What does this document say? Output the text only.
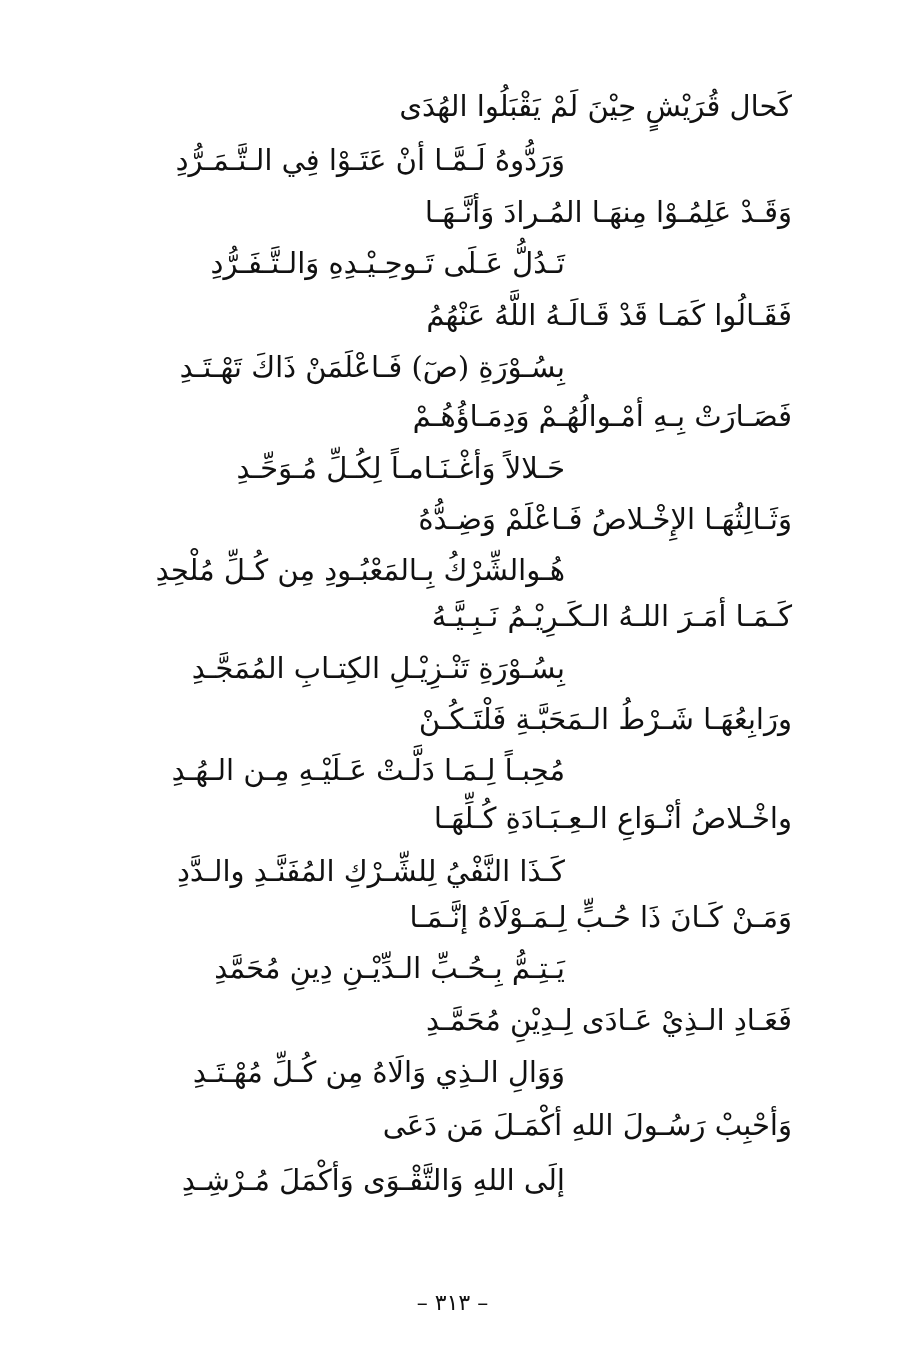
كَحال قُرَيْشٍ حِيْنَ لَمْ يَقْبَلُوا الهُدَى
وَرَدُّوهُ لَـمَّـا أنْ عَتَـوْا فِي الـتَّـمَـرُّدِ
وَقَـدْ عَلِمُـوْا مِنهَـا المُـرادَ وَأنَّـهَـا
تَـدُلُّ عَـلَى تَـوحِـيْـدِهِ وَالـتَّـفَـرُّدِ
فَقَـالُوا كَمَـا قَدْ قَـالَـهُ اللَّهُ عَنْهُمُ
بِسُـوْرَةِ (صٓ) فَـاعْلَمَنْ ذَاكَ تَهْـتَـدِ
فَصَـارَتْ بِـهِ أمْـوالُهُـمْ وَدِمَـاؤُهُـمْ
حَـلالاً وَأغْـنَـامـاً لِكُـلِّ مُـوَحِّـدِ
وَثَـالِثُهَـا الإِخْـلاصُ فَـاعْلَمْ وَضِـدُّهُ
هُـوالشِّرْكُ بِـالمَعْبُـودِ مِن كُـلِّ مُلْحِدِ
كَـمَـا أمَـرَ اللـهُ الـكَـرِيْـمُ نَـبِـيَّـهُ
بِسُـوْرَةِ تَنْـزِيْـلِ الكِتـابِ المُمَجَّـدِ
ورَابِعُهَـا شَـرْطُ الـمَحَبَّـةِ فَلْتَـكُـنْ
مُحِبـاً لِـمَـا دَلَّـتْ عَـلَيْـهِ مِـن الـهُـدِ
واخْـلاصُ أنْـوَاعِ الـعِـبَـادَةِ كُـلِّهَـا
كَـذَا النَّفْيُ لِلشِّـرْكِ المُفَنَّـدِ والـدَّدِ
وَمَـنْ كَـانَ ذَا حُـبٍّ لِـمَـوْلَاهُ إنَّـمَـا
يَـتِـمُّ بِـحُـبِّ الـدِّيْـنِ دِينِ مُحَمَّدِ
فَعَـادِ الـذِيْ عَـادَى لِـدِيْنِ مُحَمَّـدِ
وَوَالِ الـذِي وَالَاهُ مِن كُـلِّ مُهْـتَـدِ
وَأحْبِبْ رَسُـولَ اللهِ أكْمَـلَ مَن دَعَى
إلَى اللهِ وَالتَّقْـوَى وَأكْمَلَ مُـرْشِـدِ
– ٣١٣ –
